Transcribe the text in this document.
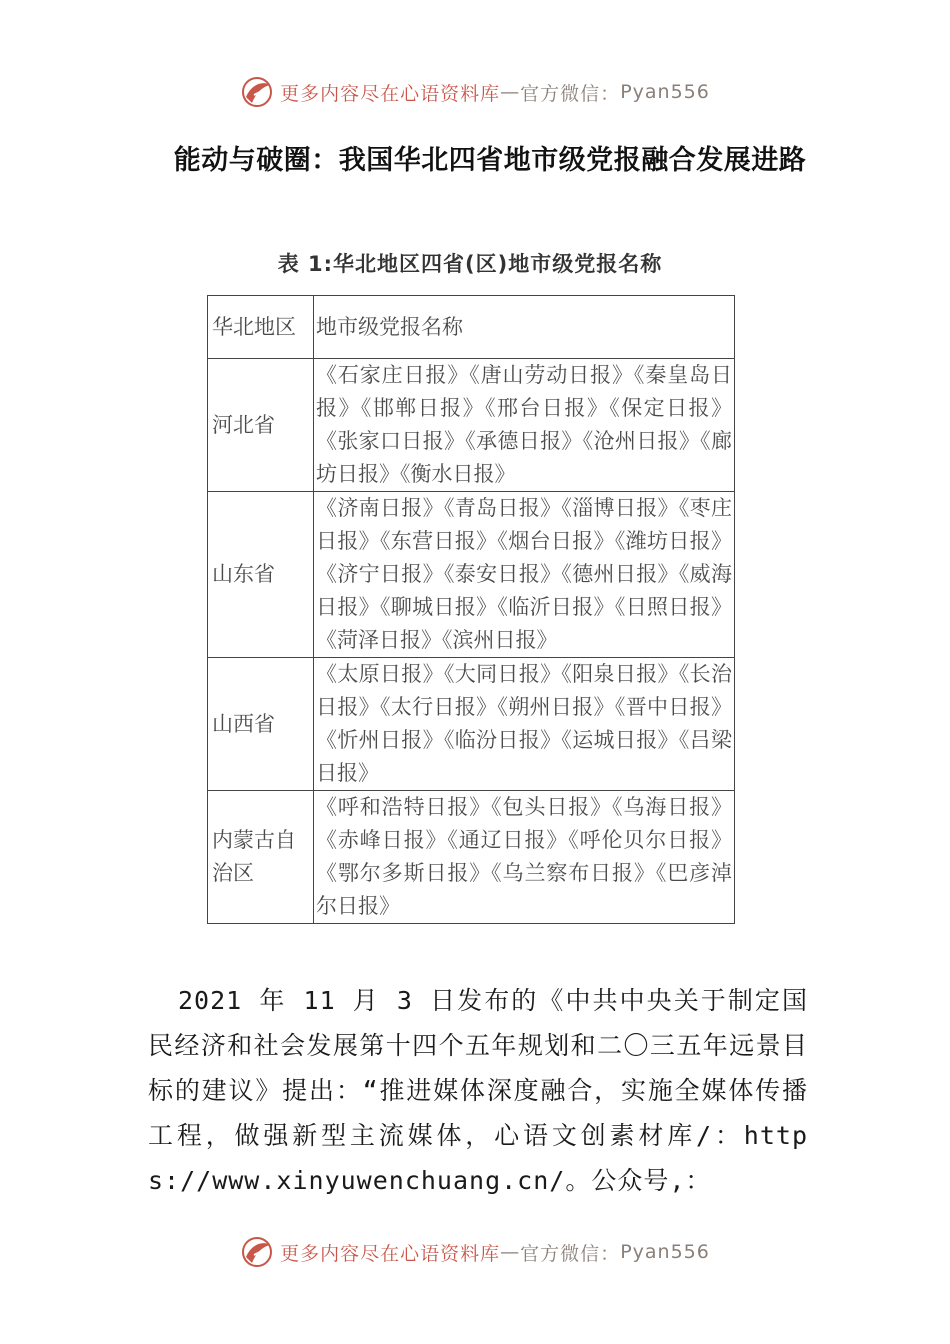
更多内容尽在心语资料库 — 官方微信： Pyan556
能动与破圈：我国华北四省地市级党报融合发展进路
表 1:华北地区四省(区)地市级党报名称
华北地区	地市级党报名称
河北省	《石家庄日报》《唐山劳动日报》《秦皇岛日报》《邯郸日报》《邢台日报》《保定日报》《张家口日报》《承德日报》《沧州日报》《廊坊日报》《衡水日报》
山东省	《济南日报》《青岛日报》《淄博日报》《枣庄日报》《东营日报》《烟台日报》《潍坊日报》《济宁日报》《泰安日报》《德州日报》《威海日报》《聊城日报》《临沂日报》《日照日报》《菏泽日报》《滨州日报》
山西省	《太原日报》《大同日报》《阳泉日报》《长治日报》《太行日报》《朔州日报》《晋中日报》《忻州日报》《临汾日报》《运城日报》《吕梁日报》
内蒙古自治区	《呼和浩特日报》《包头日报》《乌海日报》《赤峰日报》《通辽日报》《呼伦贝尔日报》《鄂尔多斯日报》《乌兰察布日报》《巴彦淖尔日报》
2021 年 11 月 3 日发布的《中共中央关于制定国民经济和社会发展第十四个五年规划和二〇三五年远景目标的建议》提出：“推进媒体深度融合，实施全媒体传播工程，做强新型主流媒体，心语文创素材库/：https://www.xinyuwenchuang.cn/。公众号,：
更多内容尽在心语资料库 — 官方微信： Pyan556
